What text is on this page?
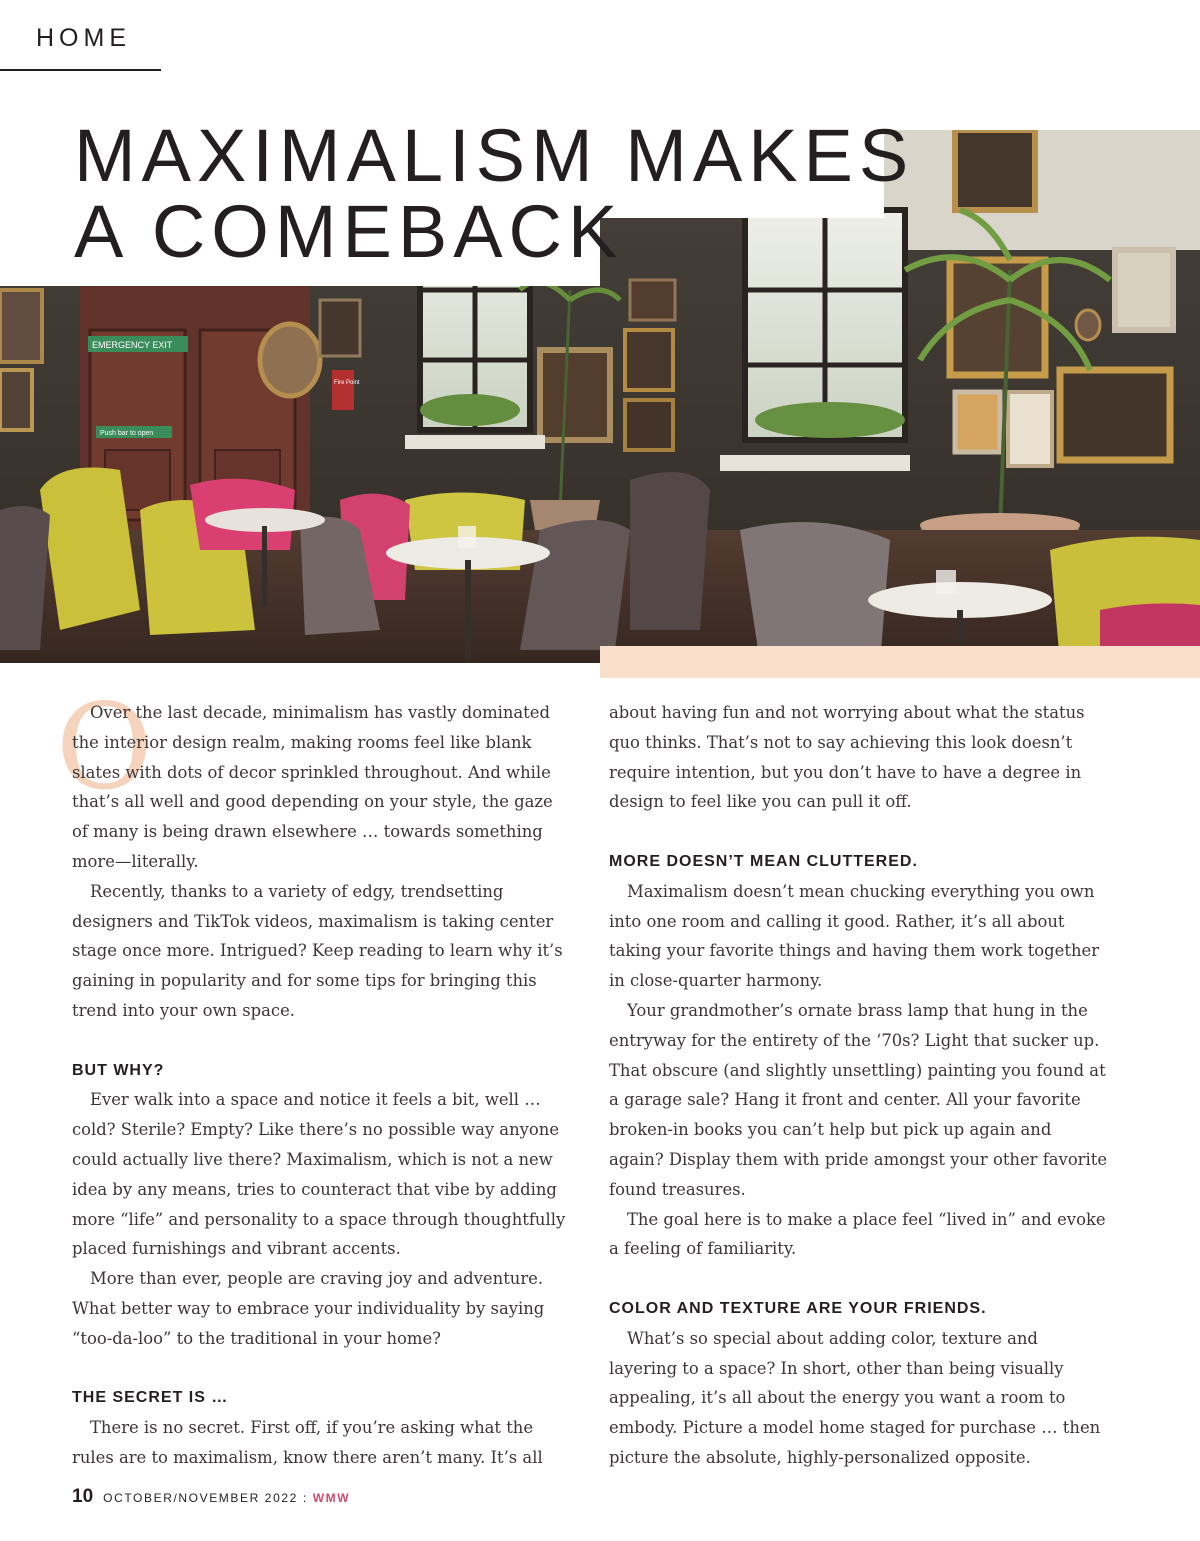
HOME
EMERGENCY EXIT
Push bar to open
Fire Point
MAXIMALISM MAKES
A COMEBACK
O

Over the last decade, minimalism has vastly dominated the interior design realm, making rooms feel like blank slates with dots of decor sprinkled throughout. And while that’s all well and good depending on your style, the gaze of many is being drawn elsewhere … towards something more—literally.

Recently, thanks to a variety of edgy, trendsetting designers and TikTok videos, maximalism is taking center stage once more. Intrigued? Keep reading to learn why it’s gaining in popularity and for some tips for bringing this trend into your own space.

BUT WHY?

Ever walk into a space and notice it feels a bit, well … cold? Sterile? Empty? Like there’s no possible way anyone could actually live there? Maximalism, which is not a new idea by any means, tries to counteract that vibe by adding more “life” and personality to a space through thoughtfully placed furnishings and vibrant accents.

More than ever, people are craving joy and adventure. What better way to embrace your individuality by saying “too-da-loo” to the traditional in your home?

THE SECRET IS …

There is no secret. First off, if you’re asking what the rules are to maximalism, know there aren’t many. It’s all

about having fun and not worrying about what the status quo thinks. That’s not to say achieving this look doesn’t require intention, but you don’t have to have a degree in design to feel like you can pull it off.

MORE DOESN’T MEAN CLUTTERED.

Maximalism doesn’t mean chucking everything you own into one room and calling it good. Rather, it’s all about taking your favorite things and having them work together in close-quarter harmony.

Your grandmother’s ornate brass lamp that hung in the entryway for the entirety of the ‘70s? Light that sucker up. That obscure (and slightly unsettling) painting you found at a garage sale? Hang it front and center. All your favorite broken-in books you can’t help but pick up again and again? Display them with pride amongst your other favorite found treasures.

The goal here is to make a place feel “lived in” and evoke a feeling of familiarity.

COLOR AND TEXTURE ARE YOUR FRIENDS.

What’s so special about adding color, texture and layering to a space? In short, other than being visually appealing, it’s all about the energy you want a room to embody. Picture a model home staged for purchase … then picture the absolute, highly-personalized opposite.

10 OCTOBER/NOVEMBER 2022 : WMW
